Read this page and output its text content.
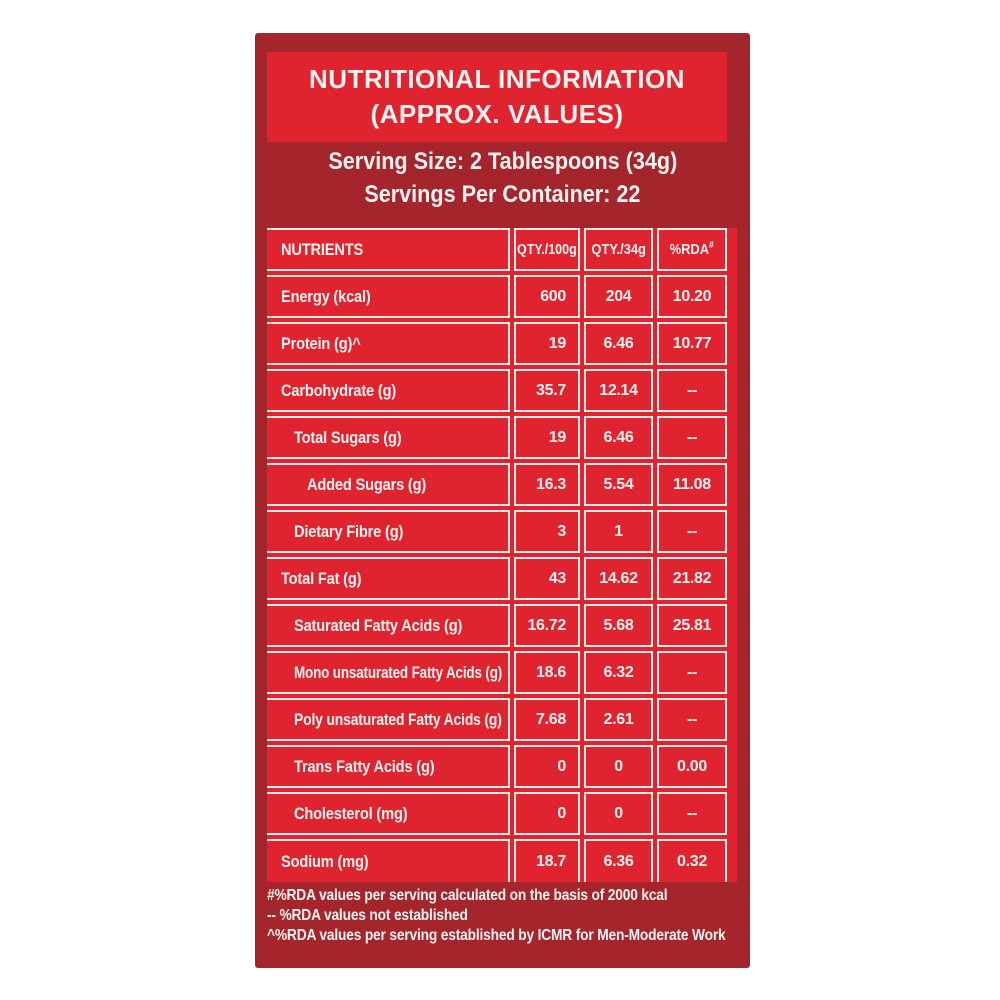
NUTRITIONAL INFORMATION
(APPROX. VALUES)
Serving Size: 2 Tablespoons (34g)
Servings Per Container: 22
NUTRIENTS	QTY./100g QTY./34g %RDA#
Energy (kcal)	600	204	10.20
Protein (g)^	19	6.46	10.77
Carbohydrate (g)	35.7	12.14	--
Total Sugars (g)	19	6.46	--
Added Sugars (g)	16.3	5.54	11.08
Dietary Fibre (g)	3	1	--
Total Fat (g)	43	14.62	21.82
Saturated Fatty Acids (g)	16.72	5.68	25.81
Mono unsaturated Fatty Acids (g)	18.6	6.32	--
Poly unsaturated Fatty Acids (g)	7.68	2.61	--
Trans Fatty Acids (g)	0	0	0.00
Cholesterol (mg)	0	0	--
Sodium (mg)	18.7	6.36	0.32
#%RDA values per serving calculated on the basis of 2000 kcal
-- %RDA values not established
^%RDA values per serving established by ICMR for Men-Moderate Work
